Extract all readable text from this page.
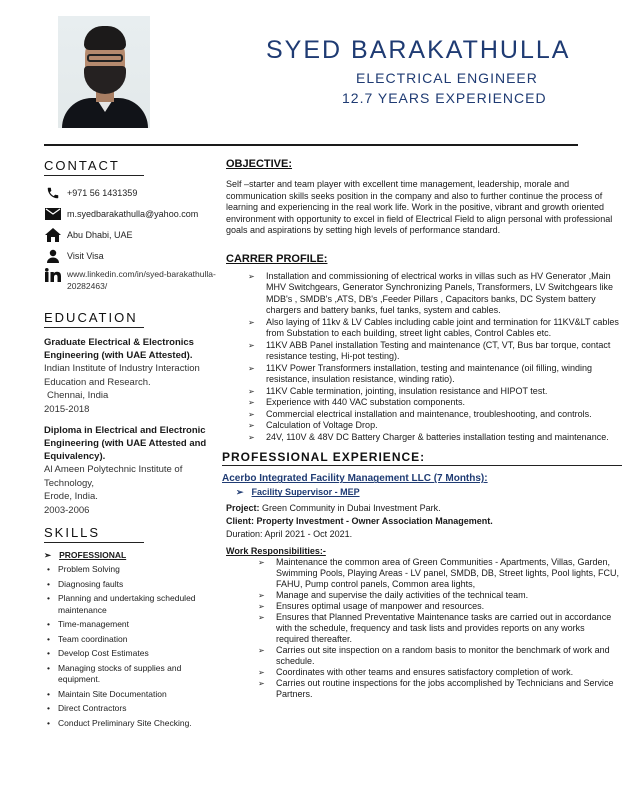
SYED BARAKATHULLA
ELECTRICAL ENGINEER
12.7 YEARS EXPERIENCED
CONTACT
+971 56 1431359
m.syedbarakathulla@yahoo.com
Abu Dhabi, UAE
Visit Visa
www.linkedin.com/in/syed-barakathulla-20282463/
EDUCATION
Graduate Electrical & Electronics Engineering (with UAE Attested).
Indian Institute of Industry Interaction Education and Research.
Chennai, India
2015-2018
Diploma in Electrical and Electronic Engineering (with UAE Attested and Equivalency).
Al Ameen Polytechnic Institute of Technology,
Erode, India.
2003-2006
SKILLS
➢ PROFESSIONAL
• Problem Solving
• Diagnosing faults
• Planning and undertaking scheduled maintenance
• Time-management
• Team coordination
• Develop Cost Estimates
• Managing stocks of supplies and equipment.
• Maintain Site Documentation
• Direct Contractors
• Conduct Preliminary Site Checking.
OBJECTIVE:
Self –starter and team player with excellent time management, leadership, morale and communication skills seeks position in the company and also to further continue the process of learning and experiencing in the real work life. Work in the positive, vibrant and growth oriented environment with opportunity to excel in field of Electrical Field to align personal with professional goals and aspirations by setting high levels of performance standard.
CARRER PROFILE:
➢ Installation and commissioning of electrical works in villas such as HV Generator ,Main MHV Switchgears, Generator Synchronizing Panels, Transformers, LV Switchgears like MDB's , SMDB's ,ATS, DB's ,Feeder Pillars , Capacitors banks, DC System battery chargers and battery banks, fuel tanks, system and cables.
➢ Also laying of 11kv & LV Cables including cable joint and termination for 11KV&LT cables from Substation to each building, street light cables, Control Cables etc.
➢ 11KV ABB Panel installation Testing and maintenance (CT, VT, Bus bar torque, contact resistance testing, Hi-pot testing).
➢ 11KV Power Transformers installation, testing and maintenance (oil filling, winding resistance, insulation resistance, winding ratio).
➢ 11KV Cable termination, jointing, insulation resistance and HIPOT test.
➢ Experience with 440 VAC substation components.
➢ Commercial electrical installation and maintenance, troubleshooting, and controls.
➢ Calculation of Voltage Drop.
➢ 24V, 110V & 48V DC Battery Charger & batteries installation testing and maintenance.
PROFESSIONAL EXPERIENCE:
Acerbo Integrated Facility Management LLC (7 Months):
➢ Facility Supervisor - MEP
Project: Green Community in Dubai Investment Park.
Client: Property Investment - Owner Association Management.
Duration: April 2021 - Oct 2021.
Work Responsibilities:-
➢ Maintenance the common area of Green Communities - Apartments, Villas, Garden, Swimming Pools, Playing Areas - LV panel, SMDB, DB, Street lights, Pool lights, FCU, FAHU, Pump control panels, Common area lights,
➢ Manage and supervise the daily activities of the technical team.
➢ Ensures optimal usage of manpower and resources.
➢ Ensures that Planned Preventative Maintenance tasks are carried out in accordance with the schedule, frequency and task lists and provides reports on any works required thereafter.
➢ Carries out site inspection on a random basis to monitor the benchmark of work and schedule.
➢ Coordinates with other teams and ensures satisfactory completion of work.
➢ Carries out routine inspections for the jobs accomplished by Technicians and Service Partners.
